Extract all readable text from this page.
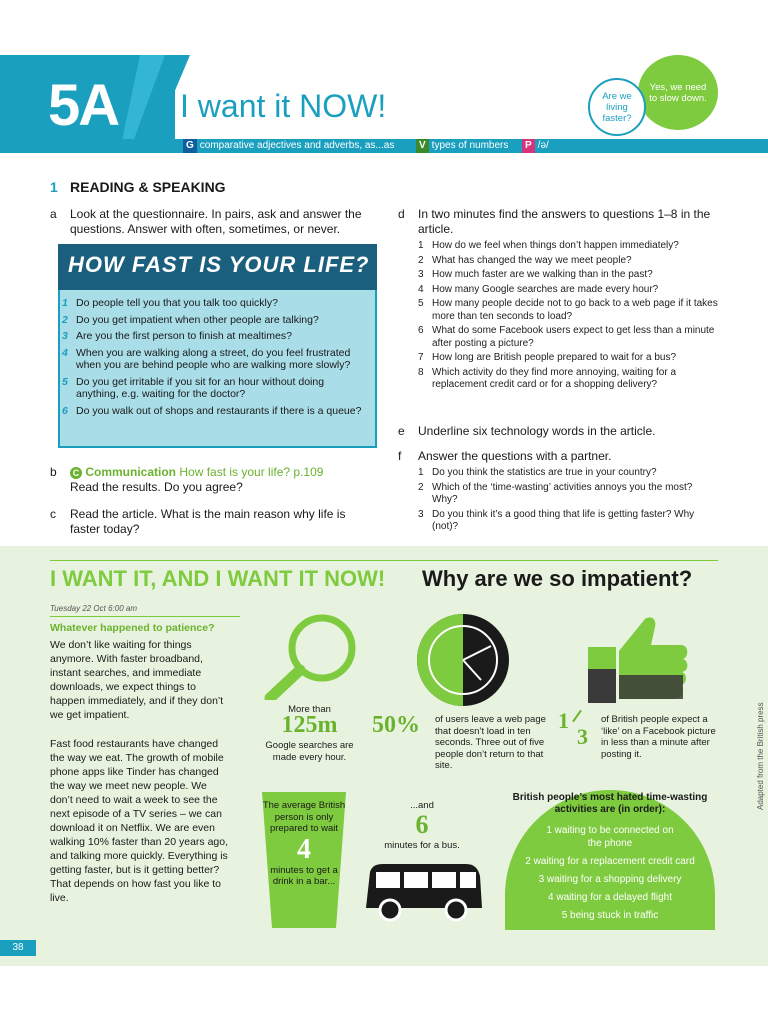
5A I want it NOW!
G comparative adjectives and adverbs, as...as	V types of numbers	P /ə/
Yes, we need to slow down.
Are we living faster?
1 READING & SPEAKING
a Look at the questionnaire. In pairs, ask and answer the questions. Answer with often, sometimes, or never.
HOW FAST IS YOUR LIFE?
1 Do people tell you that you talk too quickly?
2 Do you get impatient when other people are talking?
3 Are you the first person to finish at mealtimes?
4 When you are walking along a street, do you feel frustrated when you are behind people who are walking more slowly?
5 Do you get irritable if you sit for an hour without doing anything, e.g. waiting for the doctor?
6 Do you walk out of shops and restaurants if there is a queue?
b	C Communication How fast is your life? p.109
Read the results. Do you agree?
c Read the article. What is the main reason why life is faster today?
d In two minutes find the answers to questions 1–8 in the article.
1 How do we feel when things don’t happen immediately?
2 What has changed the way we meet people?
3 How much faster are we walking than in the past?
4 How many Google searches are made every hour?
5 How many people decide not to go back to a web page if it takes more than ten seconds to load?
6 What do some Facebook users expect to get less than a minute after posting a picture?
7 How long are British people prepared to wait for a bus?
8 Which activity do they find more annoying, waiting for a replacement credit card or for a shopping delivery?
e Underline six technology words in the article.
f Answer the questions with a partner.
1 Do you think the statistics are true in your country?
2 Which of the ‘time-wasting’ activities annoys you the most? Why?
3 Do you think it’s a good thing that life is getting faster? Why (not)?
I WANT IT, AND I WANT IT NOW! Why are we so impatient?
Tuesday 22 Oct 6:00 am
Whatever happened to patience?
We don’t like waiting for things anymore. With faster broadband, instant searches, and immediate downloads, we expect things to happen immediately, and if they don’t we get impatient.
Fast food restaurants have changed the way we eat. The growth of mobile phone apps like Tinder has changed the way we meet new people. We don’t need to wait a week to see the next episode of a TV series – we can download it on Netflix. We are even walking 10% faster than 20 years ago, and talking more quickly. Everything is getting faster, but is it getting better? That depends on how fast you like to live.
More than
125m
Google searches are made every hour.
50% of users leave a web page that doesn’t load in ten seconds. Three out of five people don’t return to that site.
1
3
of British people expect a ‘like’ on a Facebook picture in less than a minute after posting it.
The average British person is only prepared to wait
4
minutes to get a drink in a bar...
...and
6
minutes for a bus.
British people’s most hated time-wasting activities are (in order):
1 waiting to be connected on the phone
2 waiting for a replacement credit card
3 waiting for a shopping delivery
4 waiting for a delayed flight
5 being stuck in traffic
Adapted from the British press
38
